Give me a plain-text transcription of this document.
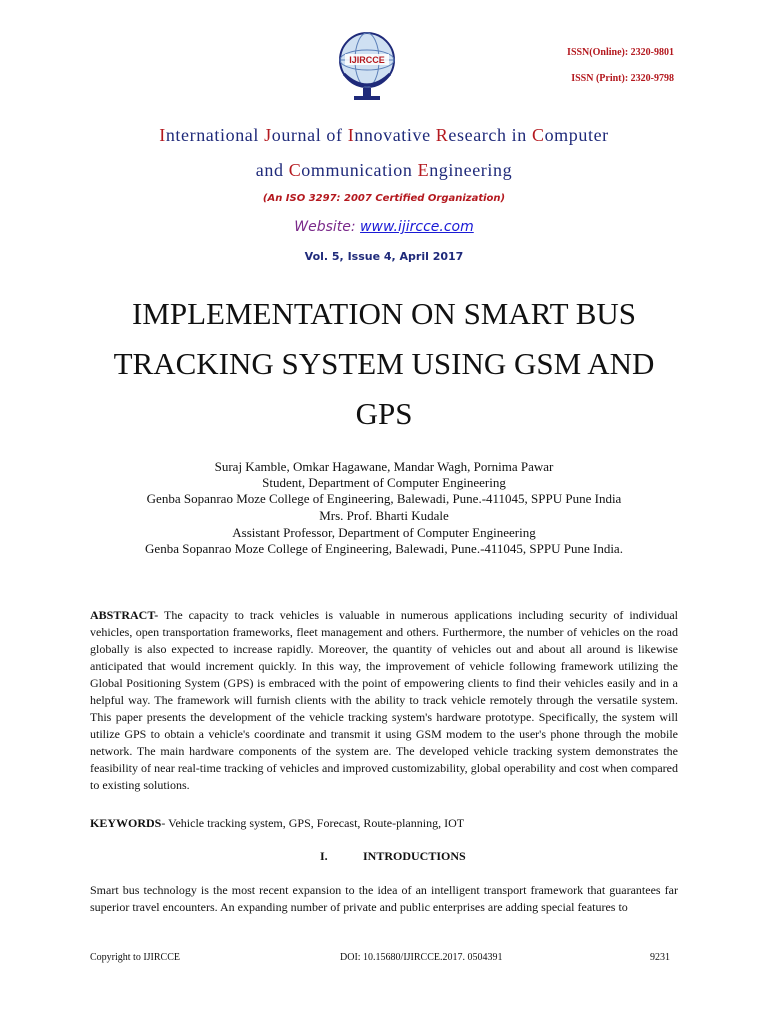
ISSN(Online): 2320-9801
ISSN (Print): 2320-9798
IJIRCCE
International Journal of Innovative Research in Computer
and Communication Engineering
(An ISO 3297: 2007 Certified Organization)
Website: www.ijircce.com
Vol. 5, Issue 4, April 2017
IMPLEMENTATION ON SMART BUS
TRACKING SYSTEM USING GSM AND
GPS
Suraj Kamble, Omkar Hagawane, Mandar Wagh, Pornima Pawar
Student, Department of Computer Engineering
Genba Sopanrao Moze College of Engineering, Balewadi, Pune.-411045, SPPU Pune India
Mrs. Prof. Bharti Kudale
Assistant Professor, Department of Computer Engineering
Genba Sopanrao Moze College of Engineering, Balewadi, Pune.-411045, SPPU Pune India.
ABSTRACT- The capacity to track vehicles is valuable in numerous applications including security of individual vehicles, open transportation frameworks, fleet management and others. Furthermore, the number of vehicles on the road globally is also expected to increase rapidly. Moreover, the quantity of vehicles out and about all around is likewise anticipated that would increment quickly. In this way, the improvement of vehicle following framework utilizing the Global Positioning System (GPS) is embraced with the point of empowering clients to find their vehicles easily and in a helpful way. The framework will furnish clients with the ability to track vehicle remotely through the versatile system. This paper presents the development of the vehicle tracking system's hardware prototype. Specifically, the system will utilize GPS to obtain a vehicle's coordinate and transmit it using GSM modem to the user's phone through the mobile network. The main hardware components of the system are. The developed vehicle tracking system demonstrates the feasibility of near real-time tracking of vehicles and improved customizability, global operability and cost when compared to existing solutions.
KEYWORDS- Vehicle tracking system, GPS, Forecast, Route-planning, IOT
I.	INTRODUCTIONS
Smart bus technology is the most recent expansion to the idea of an intelligent transport framework that guarantees far superior travel encounters. An expanding number of private and public enterprises are adding special features to
Copyright to IJIRCCE	DOI: 10.15680/IJIRCCE.2017. 0504391	9231
